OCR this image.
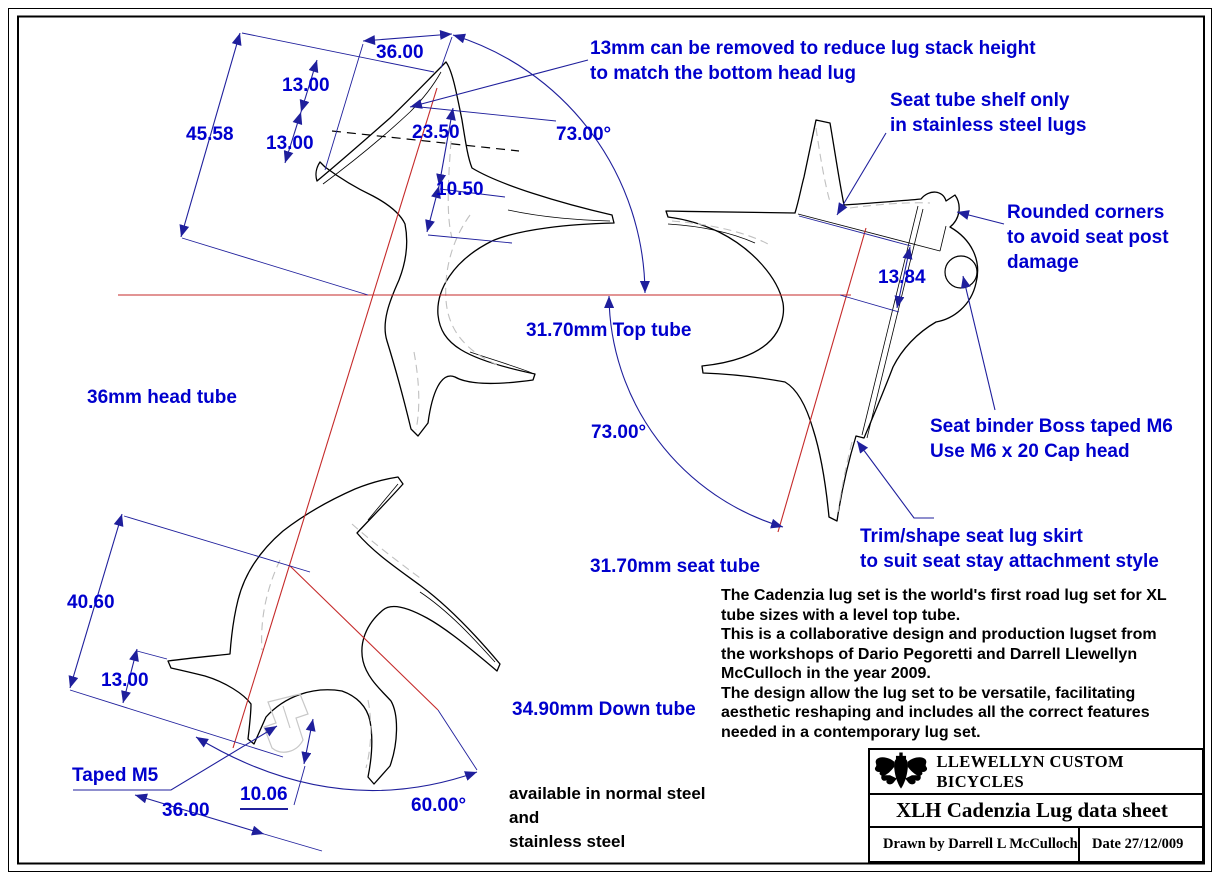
13mm can be removed to reduce lug stack height
to match the bottom head lug
Seat tube shelf only
in stainless steel lugs
Rounded corners
to avoid seat post
damage
Seat binder Boss taped M6
Use M6 x 20 Cap head
Trim/shape seat lug skirt
to suit seat stay attachment style
31.70mm Top tube
36mm head tube
31.70mm seat tube
34.90mm Down tube
Taped M5
36.00
13.00
45.58 13.00
23.50
10.50
73.00°
13.84
73.00°
40.60
13.00
36.00
10.06
60.00°
available in normal steel
and
stainless steel
The Cadenzia lug set is the world's first road lug set for XL
tube sizes with a level top tube.
This is a collaborative design and production lugset from
the workshops of Dario Pegoretti and Darrell Llewellyn
McCulloch in the year 2009.
The design allow the lug set to be versatile, facilitating
aesthetic reshaping and includes all the correct features
needed in a contemporary lug set.
LLEWELLYN CUSTOM BICYCLES
XLH Cadenzia Lug data sheet
Drawn by Darrell L McCulloch Date 27/12/009
